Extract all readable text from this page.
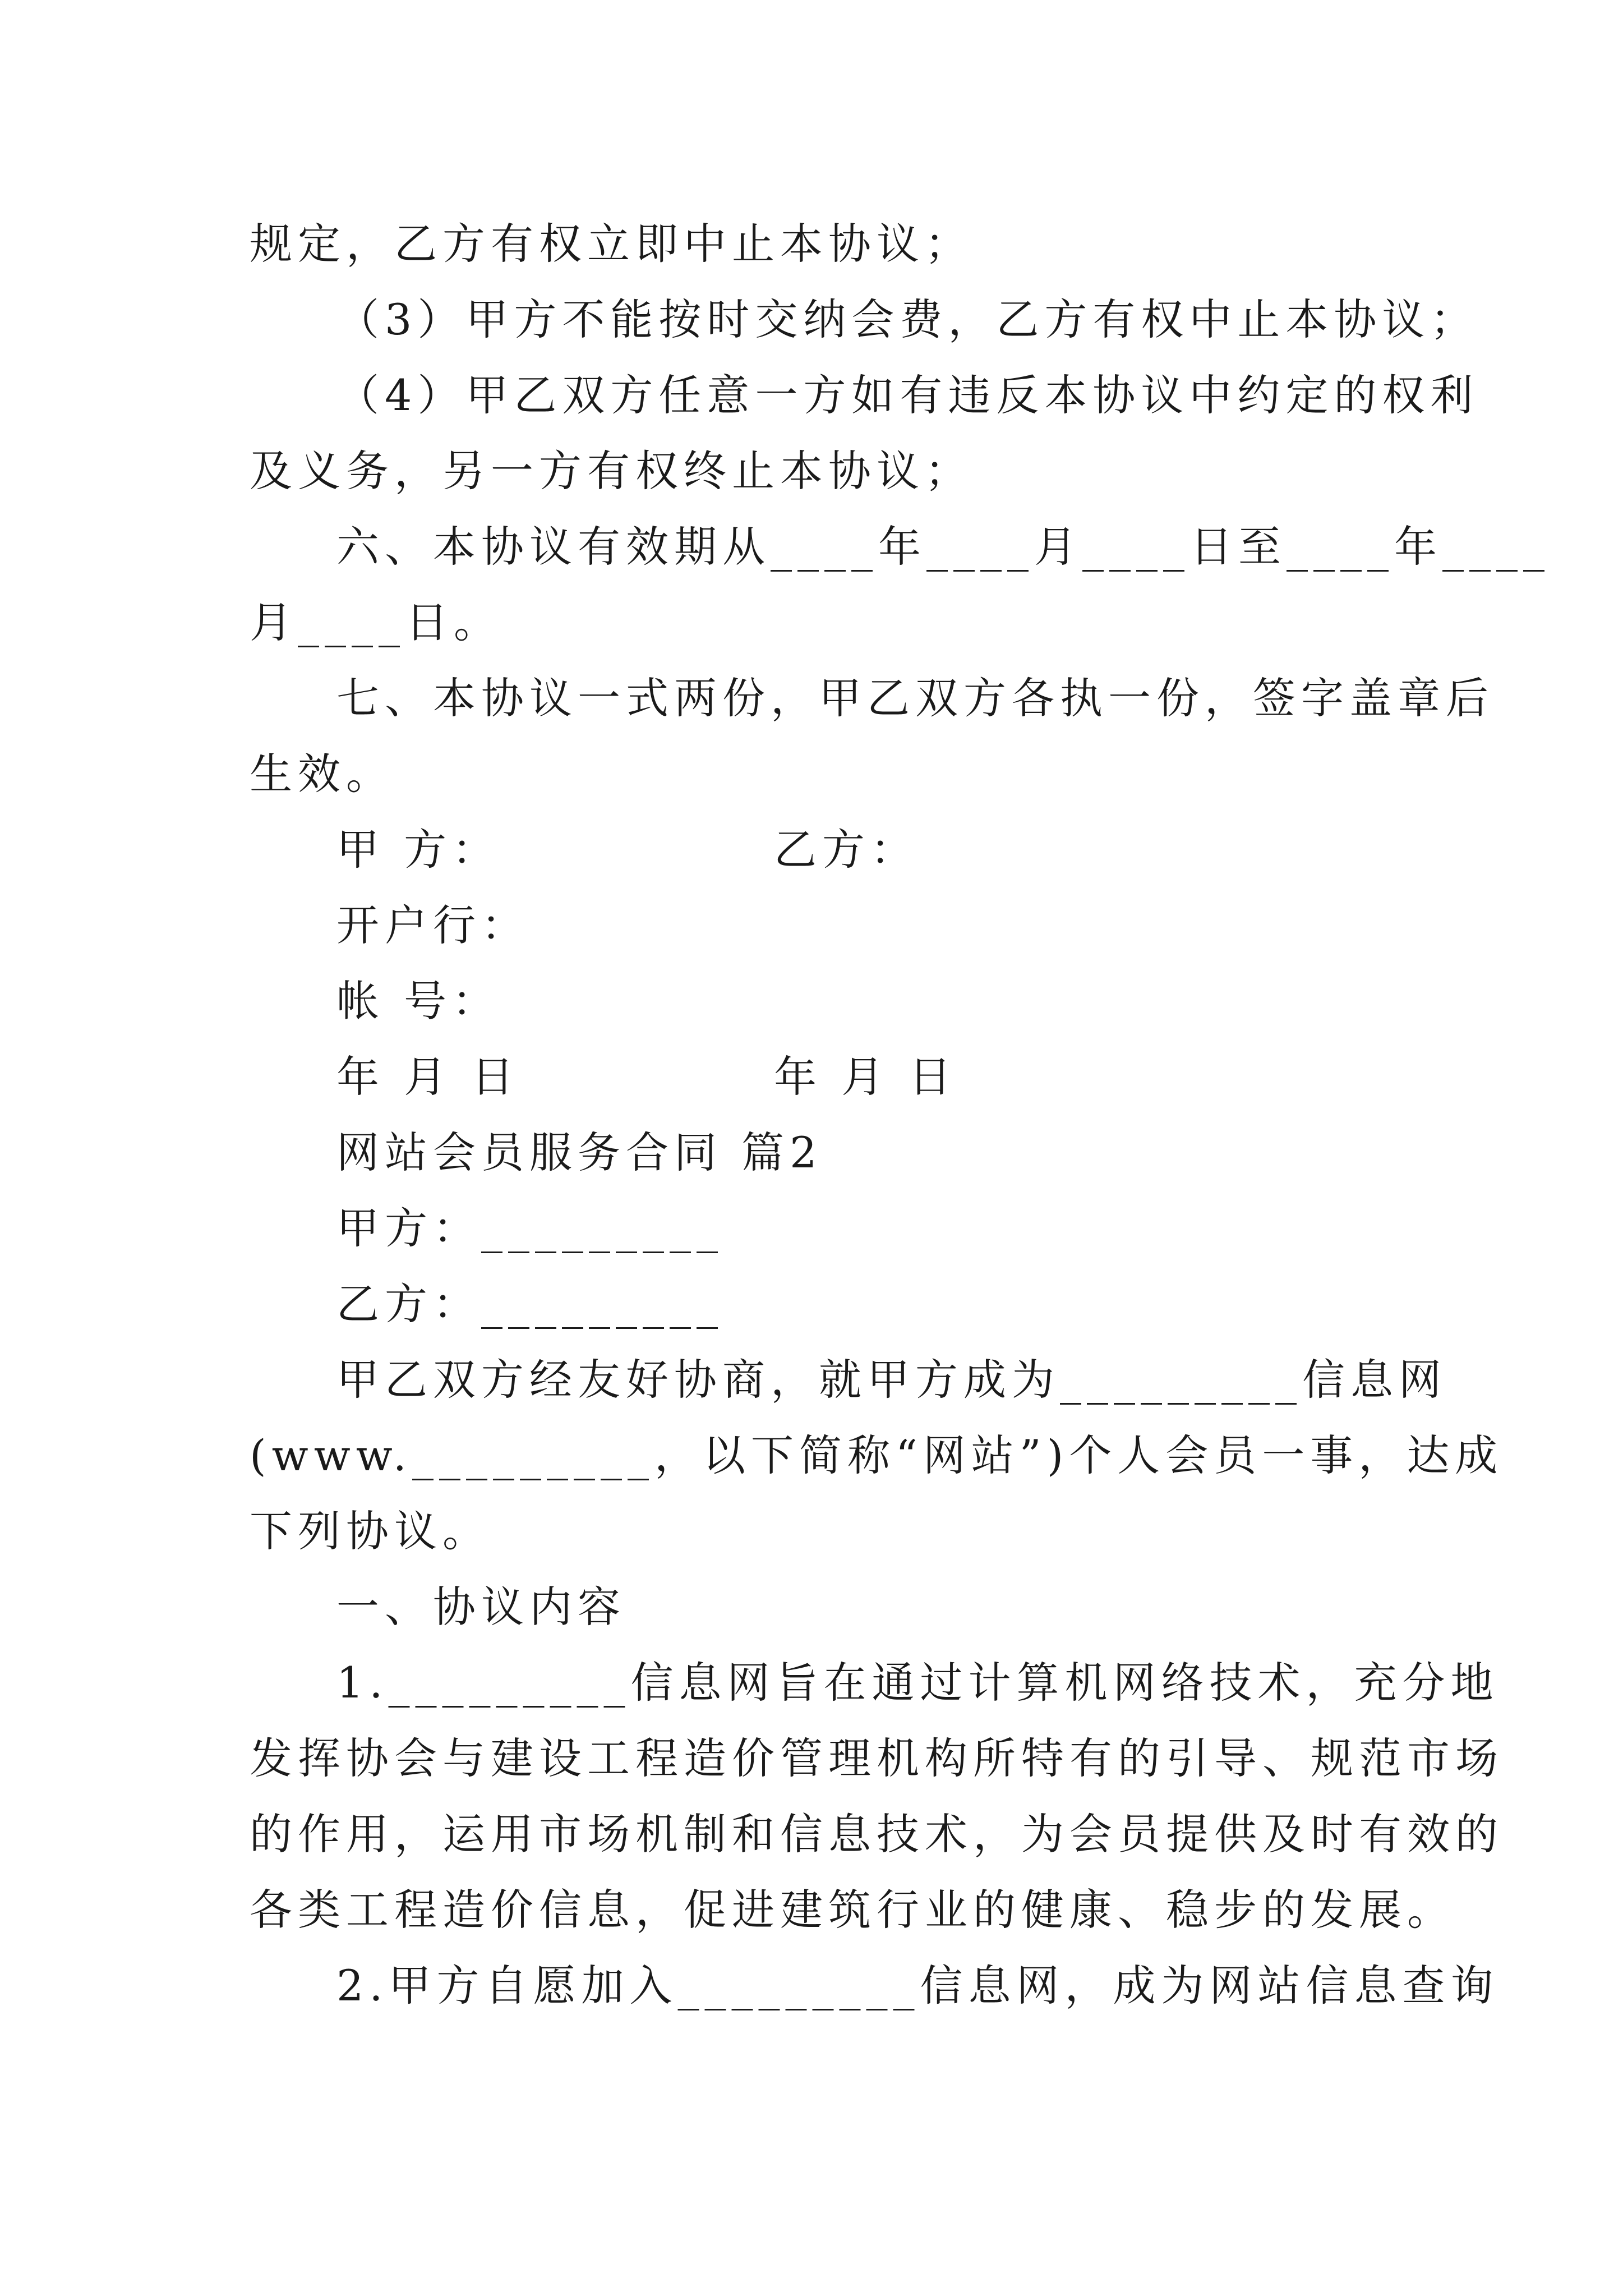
规定，乙方有权立即中止本协议；
（3）甲方不能按时交纳会费，乙方有权中止本协议；
（4）甲乙双方任意一方如有违反本协议中约定的权利
及义务，另一方有权终止本协议；
六、本协议有效期从____年____月____日至____年____
月____日。
七、本协议一式两份，甲乙双方各执一份，签字盖章后
生效。
甲 方：	乙方：
开户行：
帐 号：
年 月 日	年 月 日
网站会员服务合同 篇2
甲方：_________
乙方：_________
甲乙双方经友好协商，就甲方成为_________信息网
(www._________，以下简称“网站”)个人会员一事，达成
下列协议。
一、协议内容
1._________信息网旨在通过计算机网络技术，充分地
发挥协会与建设工程造价管理机构所特有的引导、规范市场
的作用，运用市场机制和信息技术，为会员提供及时有效的
各类工程造价信息，促进建筑行业的健康、稳步的发展。
2.甲方自愿加入_________信息网，成为网站信息查询
